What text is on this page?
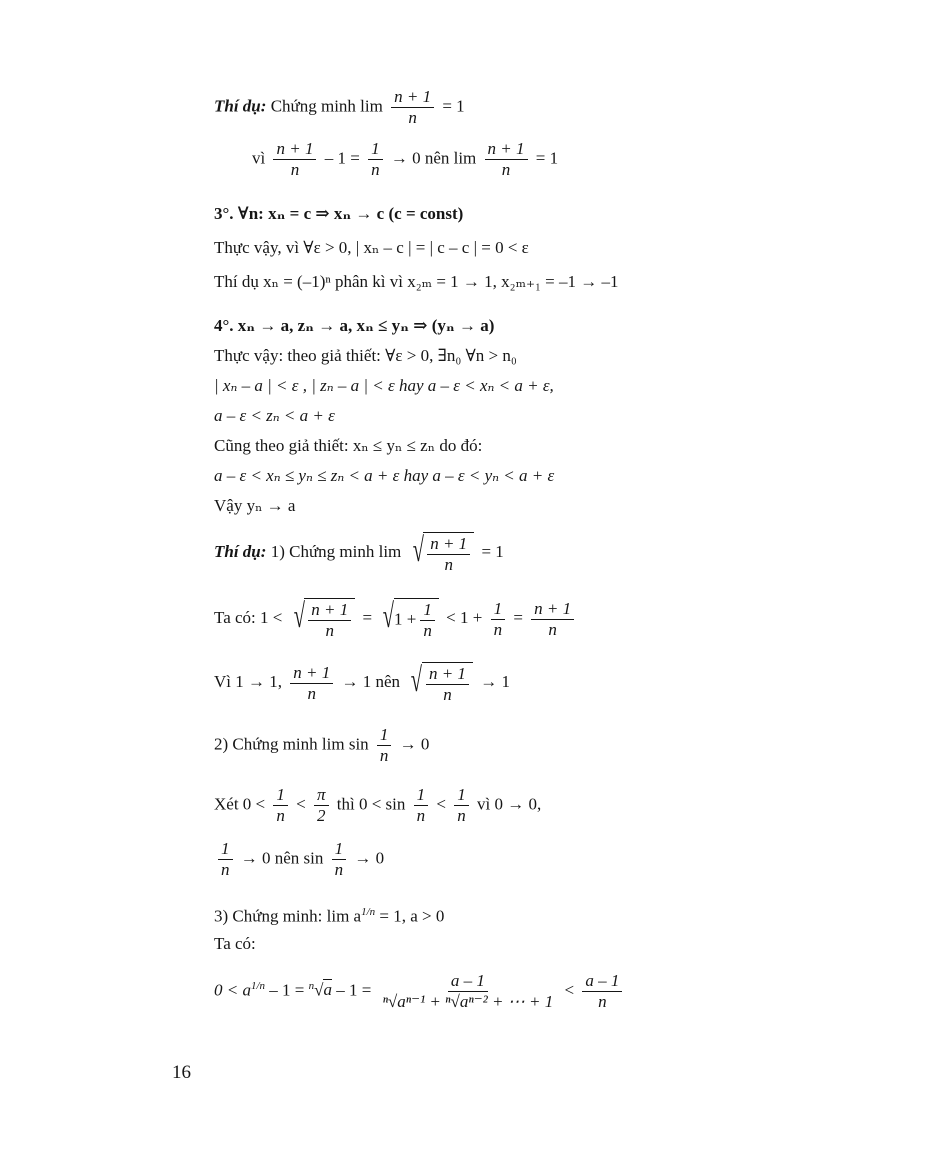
Thí dụ: Chứng minh $\lim \frac{n + 1}{n} = 1$
vì $\frac{n + 1}{n} - 1 = \frac{1}{n} \to 0$ nên $\lim \frac{n + 1}{n} = 1$
3°. ∀n: xₙ = c ⇒ xₙ → c (c = const)
Thực vậy, vì ∀ε > 0, | xₙ – c | = | c – c | = 0 < ε
Thí dụ xₙ = (–1)ⁿ phân kì vì x₂ₘ = 1 → 1, x₂ₘ₊₁ = –1 → –1
4°. xₙ → a, zₙ → a, xₙ ≤ yₙ ⇒ (yₙ → a)
Thực vậy: theo giả thiết: ∀ε > 0, ∃n₀ ∀n > n₀
| xₙ – a | < ε , | zₙ – a | < ε hay a – ε < xₙ < a + ε,
a – ε < zₙ < a + ε
Cũng theo giả thiết: xₙ ≤ yₙ ≤ zₙ do đó:
a – ε < xₙ ≤ yₙ ≤ zₙ < a + ε hay a – ε < yₙ < a + ε
Vậy yₙ → a
Thí dụ: 1) Chứng minh lim √ $\frac{n + 1}{n} = 1$
Ta có: 1 < √ $\frac{n + 1}{n}$ = √ $1 + \frac{1}{n} < 1 + \frac{1}{n} = \frac{n + 1}{n}$
Vì 1 → 1, $\frac{n + 1}{n} \to 1$ nên √ $\frac{n + 1}{n} \to 1$
2) Chứng minh $\lim \sin \frac{1}{n} \to 0$
Xét $0 < \frac{1}{n} < \frac{\pi}{2}$ thì $0 < \sin \frac{1}{n} < \frac{1}{n}$ vì 0 → 0,
$\frac{1}{n} \to 0$ nên $\sin \frac{1}{n} \to 0$
3) Chứng minh: $\lim a^{1/n} = 1$, a > 0
Ta có:
$0 < a^{1/n} - 1 = ^n√a - 1 = \frac{a - 1}{\text{ⁿ√aⁿ⁻¹ + ⁿ√aⁿ⁻² + ⋯ + 1}} < \frac{a - 1}{n}$
16
